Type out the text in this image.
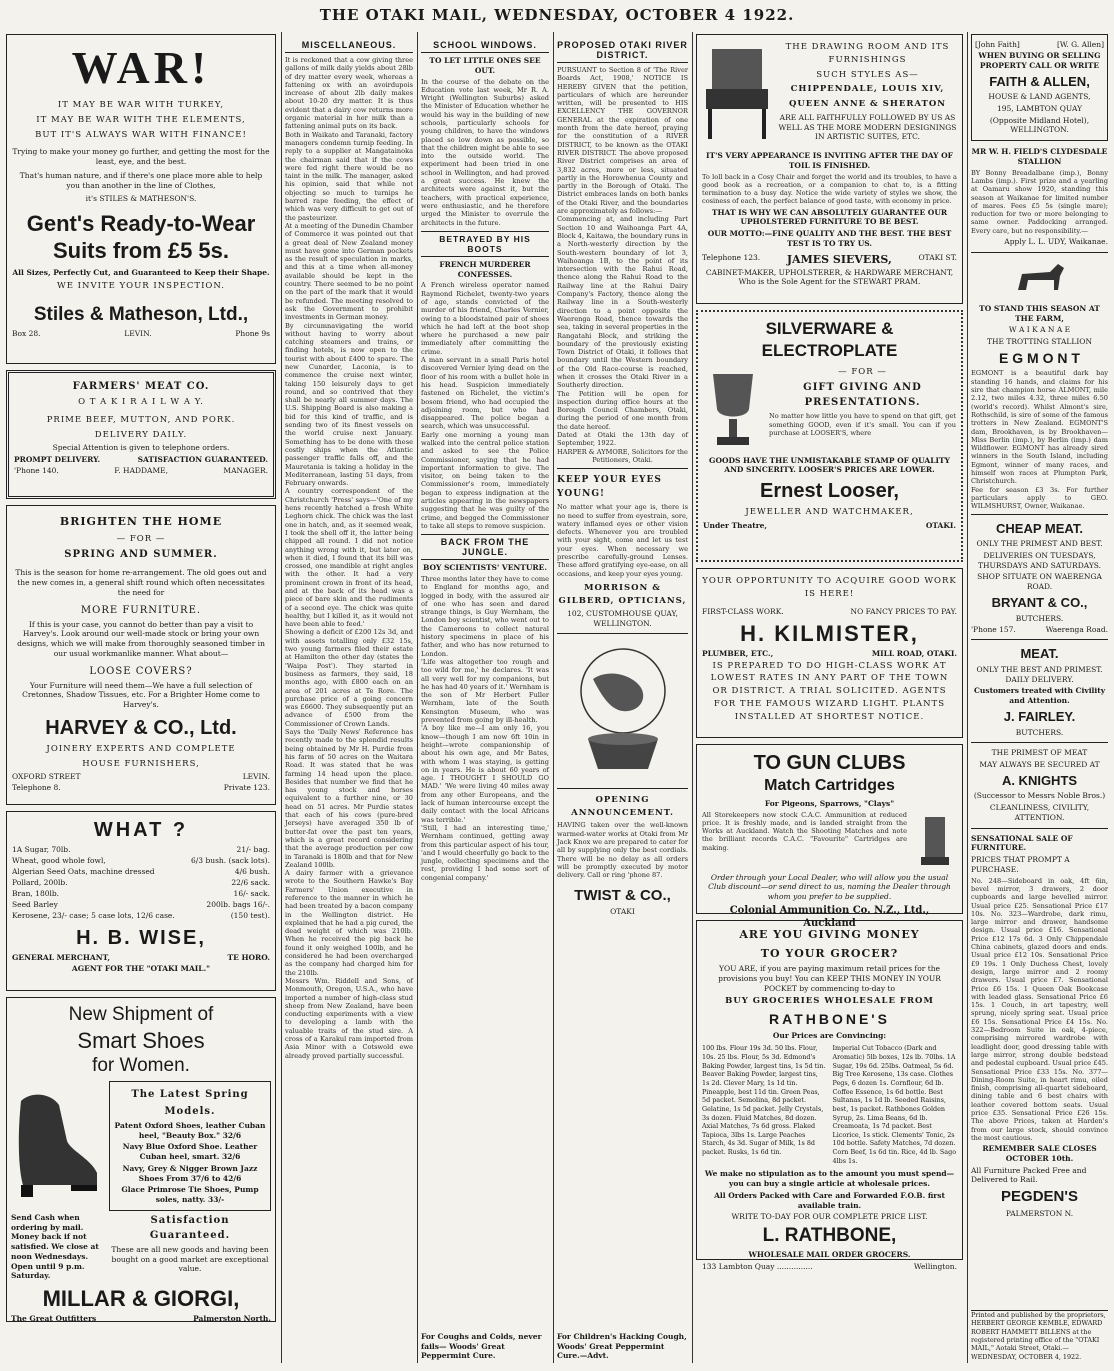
THE OTAKI MAIL, WEDNESDAY, OCTOBER 4 1922.
WAR!
IT MAY BE WAR WITH TURKEY,
IT MAY BE WAR WITH THE ELEMENTS,
BUT IT'S ALWAYS WAR WITH FINANCE!
Trying to make your money go further, and getting the most for the least, eye, and the best.
That's human nature, and if there's one place more able to help you than another in the line of Clothes,
it's STILES & MATHESON'S.
Gent's Ready-to-Wear
Suits from £5 5s.
All Sizes, Perfectly Cut, and Guaranteed to Keep their Shape.
WE INVITE YOUR INSPECTION.
Stiles & Matheson, Ltd.,
Box 28.	LEVIN.	Phone 9s
FARMERS' MEAT CO.
O T A K I R A I L W A Y.
PRIME BEEF, MUTTON, AND PORK.
DELIVERY DAILY.
Special Attention is given to telephone orders.
PROMPT DELIVERY.	SATISFACTION GUARANTEED.
'Phone 140.	F. HADDAME,	MANAGER.
BRIGHTEN THE HOME
— FOR —
SPRING AND SUMMER.
This is the season for home re-arrangement. The old goes out and the new comes in, a general shift round which often necessitates the need for
MORE FURNITURE.
If this is your case, you cannot do better than pay a visit to Harvey's. Look around our well-made stock or bring your own designs, which we will make from thoroughly seasoned timber in our usual workmanlike manner. What about—
LOOSE COVERS?
Your Furniture will need them—We have a full selection of Cretonnes, Shadow Tissues, etc. For a Brighter Home come to Harvey's.
HARVEY & CO., Ltd.
JOINERY EXPERTS AND COMPLETE
HOUSE FURNISHERS,
OXFORD STREET	LEVIN.
Telephone 8.	Private 123.
WHAT ?
1A Sugar, 70lb.	21/- bag.
Wheat, good whole fowl,	6/3 bush. (sack lots).
Algerian Seed Oats, machine dressed	4/6 bush.
Pollard, 200lb.	22/6 sack.
Bran, 180lb.	16/- sack.
Seed Barley	200lb. bags 16/-.
Kerosene, 23/- case; 5 case lots, 12/6 case.	(150 test).
H. B. WISE,
GENERAL MERCHANT,	TE HORO.
AGENT FOR THE "OTAKI MAIL."
New Shipment of
Smart Shoes
for Women.
The Latest Spring
Models.
Patent Oxford Shoes, leather Cuban heel, "Beauty Box." 32/6
Navy Blue Oxford Shoe. Leather Cuban heel, smart. 32/6
Navy, Grey & Nigger Brown Jazz Shoes From 37/6 to 42/6
Glace Primrose Tie Shoes, Pump soles, natty. 33/-
Send Cash when ordering by mail. Money back if not satisfied. We close at noon Wednesdays. Open until 9 p.m. Saturday.
Satisfaction Guaranteed.
These are all new goods and having been bought on a good market are exceptional value.
MILLAR & GIORGI,
The Great Outfitters	Palmerston North.
MISCELLANEOUS.

It is reckoned that a cow giving three gallons of milk daily yields about 28lb of dry matter every week, whereas a fattening ox with an avoirdupois increase of about 2lb daily makes about 10-20 dry matter. It is thus evident that a dairy cow returns more organic material in her milk than a fattening animal puts on its back.

Both in Waikato and Taranaki, factory managers condemn turnip feeding. In reply to a supplier at Mangatainoka the chairman said that if the cows were fed right there would be no taint in the milk. The manager, asked his opinion, said that while not objecting so much to turnips he barred rape feeding, the effect of which was very difficult to get out of the pasteurizer.

At a meeting of the Dunedin Chamber of Commerce it was pointed out that a great deal of New Zealand money must have gone into German pockets as the result of speculation in marks, and this at a time when all-money available should be kept in the country. There seemed to be no point on the part of the mark that it would be refunded. The meeting resolved to ask the Government to prohibit investments in German money.

By circumnavigating the world without having to worry about catching steamers and trains, or finding hotels, is now open to the tourist with about £400 to spare. The new Cunarder, Laconia, is to commence the cruise next winter, taking 150 leisurely days to get round, and so contrived that they shall be nearly all summer days. The U.S. Shipping Board is also making a bid for this kind of traffic, and is sending two of its finest vessels on the world cruise next January. Something has to be done with these costly ships when the Atlantic passenger traffic falls off, and the Mauretania is taking a holiday in the Mediterranean, lasting 51 days, from February onwards.

A country correspondent of the Christchurch 'Press' says—'One of my hens recently hatched a fresh White Leghorn chick. The chick was the last one in hatch, and, as it seemed weak, I took the shell off it, the latter being chipped all round. I did not notice anything wrong with it, but later on, when it died, I found that its bill was crossed, one mandible at right angles with the other. It had a very prominent crown in front of its head, and at the back of its head was a piece of bare skin and the rudiments of a second eye. The chick was quite healthy, but I killed it, as it would not have been able to feed.'

Showing a deficit of £200 12s 3d, and with assets totalling only £32 15s, two young farmers filed their estate at Hamilton the other day (states the 'Waipa Post'). They started in business as farmers, they said, 18 months ago, with £800 each on an area of 201 acres at Te Rore. The purchase price of a going concern was £6600. They subsequently put an advance of £500 from the Commissioner of Crown Lands.

Says the 'Daily News' Reference has recently made to the splendid results being obtained by Mr H. Purdie from his farm of 50 acres on the Waitara Road. It was stated that he was farming 14 head upon the place. Besides that number we find that he has young stock and horses equivalent to a further nine, or 30 head on 51 acres. Mr Purdie states that each of his cows (pure-bred Jerseys) have averaged 350 lb of butter-fat over the past ten years, which is a great record considering that the average production per cow in Taranaki is 180lb and that for New Zealand 100lb.

A dairy farmer with a grievance wrote to the Southern Hawke's Bay Farmers' Union executive in reference to the manner in which he had been treated by a bacon company in the Wellington district. He explained that he had a pig cured, the dead weight of which was 210lb. When he received the pig back he found it only weighed 100lb, and he considered he had been overcharged as the company had charged him for the 210lb.

Messrs Wm. Riddell and Sons, of Monmouth, Oregon, U.S.A., who have imported a number of high-class stud sheep from New Zealand, have been conducting experiments with a view to developing a lamb with the valuable traits of the stud sire. A cross of a Karakul ram imported from Asia Minor with a Cotswold ewe already proved partially successful.

SCHOOL WINDOWS.
TO LET LITTLE ONES SEE OUT.

In the course of the debate on the Education vote last week, Mr R. A. Wright (Wellington Suburbs) asked the Minister of Education whether he would his way in the building of new schools, particularly schools for young children, to have the windows placed so low down as possible, so that the children might be able to see into the outside world. The experiment had been tried in one school in Wellington, and had proved a great success. He knew the architects were against it, but the teachers, with practical experience, were enthusiastic, and he therefore urged the Minister to overrule the architects in the future.

BETRAYED BY HIS BOOTS
FRENCH MURDERER CONFESSES.

A French wireless operator named Raymond Richelet, twenty-two years of age, stands convicted of the murder of his friend, Charles Vernier, owing to a bloodstained pair of shoes which he had left at the boot shop where he purchased a new pair immediately after committing the crime.

A man servant in a small Paris hotel discovered Vernier lying dead on the floor of his room with a bullet hole in his head. Suspicion immediately fastened on Richelet, the victim's bosom friend, who had occupied the adjoining room, but who had disappeared. The police began a search, which was unsuccessful.

Early one morning a young man walked into the central police station and asked to see the Police Commissioner, saying that he had important information to give. The visitor, on being taken to the Commissioner's room, immediately began to express indignation at the articles appearing in the newspapers suggesting that he was guilty of the crime, and begged the Commissioner to take all steps to remove suspicion.

BACK FROM THE JUNGLE.
BOY SCIENTISTS' VENTURE.

Three months later they have to come to England for months ago, and logged in body, with the assured air of one who has seen and dared strange things, is Guy Wernham, the London boy scientist, who went out to the Cameroons to collect natural history specimens in place of his father, and who has now returned to London.

'Life was altogether too rough and too wild for me,' he declares. 'It was all very well for my companions, but he has had 40 years of it.' Wernham is the son of Mr Herbert Fuller Wernham, late of the South Kensington Museum, who was prevented from going by ill-health.

'A boy like me—I am only 16, you know—though I am now 6ft 10in in height—wrote companionship of about his own age, and Mr Bates, with whom I was staying, is getting on in years. He is about 60 years of age. I THOUGHT I SHOULD GO MAD.' 'We were living 40 miles away from any other Europeans, and the lack of human intercourse except the daily contact with the local Africans was terrible.'

'Still, I had an interesting time,' Wernham continued, getting away from this particular aspect of his tour, 'and I would cheerfully go back to the jungle, collecting specimens and the rest, providing I had some sort of congenial company.'

For Coughs and Colds, never fails— Woods' Great Peppermint Cure.
PROPOSED OTAKI RIVER DISTRICT.

PURSUANT to Section 8 of 'The River Boards Act, 1908,' NOTICE IS HEREBY GIVEN that the petition, particulars of which are hereunder written, will be presented to HIS EXCELLENCY THE GOVERNOR GENERAL at the expiration of one month from the date hereof, praying for the constitution of a RIVER DISTRICT, to be known as the OTAKI RIVER DISTRICT. The above proposed River District comprises an area of 3,832 acres, more or less, situated partly in the Horowhenua County and partly in the Borough of Otaki. The District embraces lands on both banks of the Otaki River, and the boundaries are approximately as follows:—

Commencing at, and including Part Section 10 and Waihoanga Part 4A, Block 4, Kaitawa, the boundary runs in a North-westerly direction by the South-western boundary of lot 3, Waihoanga 1B, to the point of its intersection with the Rahui Road, thence along the Rahui Road to the Railway line at the Rahui Dairy Company's Factory, thence along the Railway line in a South-westerly direction to a point opposite the Waerenga Road, thence towards the sea, taking in several properties in the Rangatahi Block, and striking the boundary of the previously existing Town District of Otaki, it follows that boundary until the Western boundary of the Old Race-course is reached, when it crosses the Otaki River in a Southerly direction.

The Petition will be open for inspection during office hours at the Borough Council Chambers, Otaki, during the period of one month from the date hereof.

Dated at Otaki the 13th day of September, 1922.

HARPER & AYMORE, Solicitors for the Petitioners, Otaki.

KEEP YOUR EYES YOUNG!

No matter what your age is, there is no need to suffer from eyestrain, sore, watery inflamed eyes or other vision defects. Whenever you are troubled with your sight, come and let us test your eyes. When necessary we prescribe carefully-ground Lenses. These afford gratifying eye-ease, on all occasions, and keep your eyes young.

MORRISON & GILBERD, OPTICIANS,
102, CUSTOMHOUSE QUAY, WELLINGTON.
OPENING ANNOUNCEMENT.

HAVING taken over the well-known warmed-water works at Otaki from Mr Jack Knox we are prepared to cater for all by supplying only the best cordials. There will be no delay as all orders will be promptly executed by motor delivery. Call or ring 'phone 87.

TWIST & CO.,
OTAKI
For Children's Hacking Cough, Woods' Great Peppermint Cure.—Advt.
THE DRAWING ROOM AND ITS FURNISHINGS
SUCH STYLES AS—
CHIPPENDALE, LOUIS XIV,
QUEEN ANNE & SHERATON
ARE ALL FAITHFULLY FOLLOWED BY US AS WELL AS THE MORE MODERN DESIGNINGS IN ARTISTIC SUITES, ETC.
IT'S VERY APPEARANCE IS INVITING AFTER THE DAY OF TOIL IS FINISHED.

To loll back in a Cosy Chair and forget the world and its troubles, to have a good book as a recreation, or a companion to chat to, is a fitting termination to a busy day. Notice the wide variety of styles we show, the cosiness of each, the perfect balance of good taste, with economy in price.

THAT IS WHY WE CAN ABSOLUTELY GUARANTEE OUR UPHOLSTERED FURNITURE TO BE BEST.
OUR MOTTO:—FINE QUALITY AND THE BEST. THE BEST TEST IS TO TRY US.
Telephone 123. JAMES SIEVERS,	OTAKI ST.
CABINET-MAKER, UPHOLSTERER, & HARDWARE MERCHANT, Who is the Sole Agent for the STEWART PRAM.
SILVERWARE &
ELECTROPLATE
— FOR —
GIFT GIVING AND PRESENTATIONS.

No matter how little you have to spend on that gift, get something GOOD, even if it's small. You can if you purchase at LOOSER'S, where

GOODS HAVE THE UNMISTAKABLE STAMP OF QUALITY AND SINCERITY. LOOSER'S PRICES ARE LOWER.
Ernest Looser,
JEWELLER AND WATCHMAKER,
Under Theatre,	OTAKI.
YOUR OPPORTUNITY TO ACQUIRE GOOD WORK IS HERE!
FIRST-CLASS WORK.	NO FANCY PRICES TO PAY.
H. KILMISTER,
PLUMBER, ETC.,	MILL ROAD, OTAKI.
IS PREPARED TO DO HIGH-CLASS WORK AT LOWEST RATES IN ANY PART OF THE TOWN OR DISTRICT. A TRIAL SOLICITED. AGENTS FOR THE FAMOUS WIZARD LIGHT. PLANTS INSTALLED AT SHORTEST NOTICE.
TO GUN CLUBS
Match Cartridges
For Pigeons, Sparrows, "Clays"

All Storekeepers now stock C.A.C. Ammunition at reduced price. It is freshly made, and is landed straight from the Works at Auckland. Watch the Shooting Matches and note the brilliant records C.A.C. "Favourite" Cartridges are making.

Order through your Local Dealer, who will allow you the usual Club discount—or send direct to us, naming the Dealer through whom you prefer to be supplied.
Colonial Ammunition Co. N.Z., Ltd., Auckland
ARE YOU GIVING MONEY
TO YOUR GROCER?
YOU ARE, if you are paying maximum retail prices for the provisions you buy! You can KEEP THIS MONEY IN YOUR POCKET by commencing to-day to
BUY GROCERIES WHOLESALE FROM
RATHBONE'S
Our Prices are Convincing:
100 lbs. Flour 19s 3d. 50 lbs. Flour, 10s. 25 lbs. Flour, 5s 3d. Edmond's Baking Powder, largest tins, 1s 5d tin. Beaver Baking Powder, largest tins, 1s 2d. Clever Mary, 1s 1d tin. Pineapple, best 11d tin. Green Peas, 5d packet. Semolina, 8d packet. Gelatine, 1s 5d packet. Jelly Crystals, 3s dozen. Fluid Matches, 8d dozen. Axial Matches, 7s 6d gross. Flaked Tapioca, 3lbs 1s. Large Peaches Starch, 4s 3d. Sugar of Milk, 1s 8d packet. Rusks, 1s 6d tin.
Imperial Cut Tobacco (Dark and Aromatic) 5lb boxes, 12s lb. 70lbs. 1A Sugar, 19s 6d. 25lbs. Oatmeal, 5s 6d. Big Tree Kerosene, 13s case. Clothes Pegs, 6 dozen 1s. Cornflour, 6d lb. Coffee Essence, 1s 6d bottle. Best Sultanas, 1s 1d lb. Seeded Raisins, best, 1s packet. Rathbones Golden Syrup, 2s. Lima Beans, 6d lb. Creamoata, 1s 7d packet. Best Licorice, 1s stick. Clements' Tonic, 2s 10d bottle. Safety Matches, 7d dozen. Corn Beef, 1s 6d tin. Rice, 4d lb. Sago 4lbs 1s.
We make no stipulation as to the amount you must spend—you can buy a single article at wholesale prices.
All Orders Packed with Care and Forwarded F.O.B. first available train.
WRITE TO-DAY FOR OUR COMPLETE PRICE LIST.
L. RATHBONE,
WHOLESALE MAIL ORDER GROCERS.
133 Lambton Quay ...............	Wellington.
[John Faith]	[W. G. Allen]
WHEN BUYING OR SELLING PROPERTY CALL OR WRITE
FAITH & ALLEN,
HOUSE & LAND AGENTS,
195, LAMBTON QUAY
(Opposite Midland Hotel), WELLINGTON.
MR W. H. FIELD'S CLYDESDALE STALLION

BY Bonny Breadalbane (imp.), Bonny Lambs (imp.). First prize and a yearling at Oamaru show 1920, standing this season at Waikanae for limited number of mares. Fees £5 5s (single mare); reduction for two or more belonging to same owner. Paddocking arranged. Every care, but no responsibility.—

Apply L. L. UDY, Waikanae.
TO STAND THIS SEASON AT THE FARM,
W A I K A N A E
THE TROTTING STALLION
E G M O N T

EGMONT is a beautiful dark bay standing 16 hands, and claims for his sire that champion horse ALMONT, mile 2.12, two miles 4.32, three miles 6.50 (world's record). Whilst Almont's sire, Rothschild, is sire of some of the famous trotters in New Zealand. EGMONT'S dam, Brookhaven, is by Brookhaven—Miss Berlin (imp.), by Berlin (imp.) dam Wildflower. EGMONT has already sired winners in the South Island, including Egmont, winner of many races, and himself won races at Plumpton Park, Christchurch.

Fee for season £3 3s. For further particulars apply to GEO. WILMSHURST, Owner, Waikanae.

CHEAP MEAT.
ONLY THE PRIMEST AND BEST.
DELIVERIES ON TUESDAYS, THURSDAYS AND SATURDAYS.
SHOP SITUATE ON WAERENGA ROAD.
BRYANT & CO.,
BUTCHERS.
'Phone 157.	Waerenga Road.
MEAT.
ONLY THE BEST AND PRIMEST. DAILY DELIVERY.
Customers treated with Civility and Attention.
J. FAIRLEY.
BUTCHERS.
THE PRIMEST OF MEAT
MAY ALWAYS BE SECURED AT
A. KNIGHTS
(Successor to Messrs Noble Bros.)
CLEANLINESS, CIVILITY, ATTENTION.
SENSATIONAL SALE OF FURNITURE.
PRICES THAT PROMPT A PURCHASE.

No. 248—Sideboard in oak, 4ft 6in, bevel mirror, 3 drawers, 2 door cupboards and large bevelled mirror. Usual price £25. Sensational Price £17 10s. No. 323—Wardrobe, dark rimu, large mirror and drawer, handsome design. Usual price £16. Sensational Price £12 17s 6d. 3 Only Chippendale China cabinets, glazed doors and ends. Usual price £12 10s. Sensational Price £9 19s. 1 Only Duchess Chest, lovely design, large mirror and 2 roomy drawers. Usual price £7. Sensational Price £6 15s. 1 Queen Oak Bookcase with leaded glass. Sensational Price £6 15s. 1 Couch, in art tapestry, well sprung, nicely spring seat. Usual price £6 15s. Sensational Price £4 15s. No. 322—Bedroom Suite in oak, 4-piece, comprising mirrored wardrobe with leadlight door, good dressing table with large mirror, strong double bedstead and pedestal cupboard. Usual price £45. Sensational Price £33 15s. No. 377—Dining-Room Suite, in heart rimu, oiled finish, comprising all-quartet sideboard, dining table and 6 best chairs with leather covered bottom seats. Usual price £35. Sensational Price £26 15s. The above Prices, taken at Harden's from our large stock, should convince the most cautious.

REMEMBER SALE CLOSES OCTOBER 10th.
All Furniture Packed Free and Delivered to Rail.
PEGDEN'S
PALMERSTON N.
Printed and published by the proprietors, HERBERT GEORGE KEMBLE, EDWARD ROBERT HAMMETT BILLENS at the registered printing office of the "OTAKI MAIL," Aotaki Street, Otaki.— WEDNESDAY, OCTOBER 4, 1922.
